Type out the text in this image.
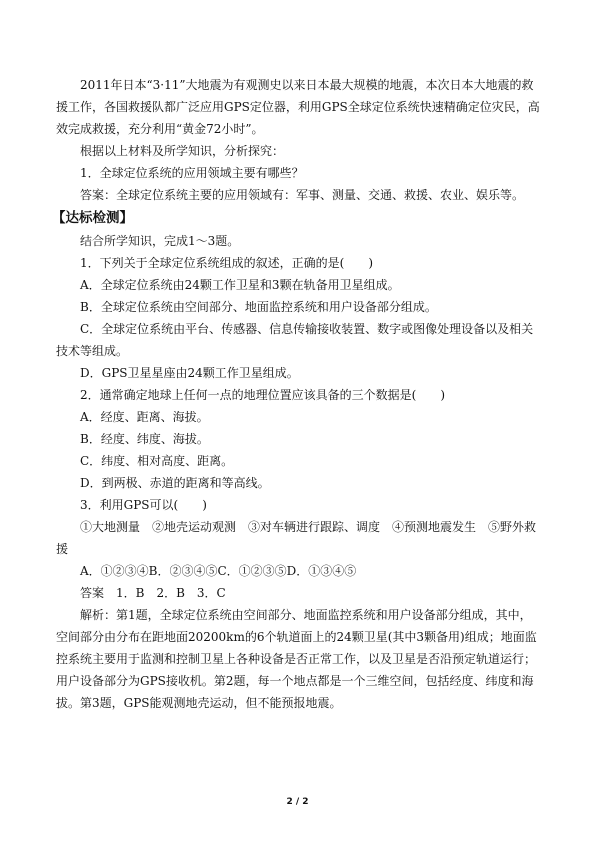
2011年日本“3·11”大地震为有观测史以来日本最大规模的地震，本次日本大地震的救援工作，各国救援队都广泛应用GPS定位器，利用GPS全球定位系统快速精确定位灾民，高效完成救援，充分利用“黄金72小时”。

根据以上材料及所学知识，分析探究：

1．全球定位系统的应用领域主要有哪些？

答案：全球定位系统主要的应用领域有：军事、测量、交通、救援、农业、娱乐等。

【达标检测】

结合所学知识，完成1～3题。

1．下列关于全球定位系统组成的叙述，正确的是(　　)

A．全球定位系统由24颗工作卫星和3颗在轨备用卫星组成。

B．全球定位系统由空间部分、地面监控系统和用户设备部分组成。

C．全球定位系统由平台、传感器、信息传输接收装置、数字或图像处理设备以及相关技术等组成。

D．GPS卫星星座由24颗工作卫星组成。

2．通常确定地球上任何一点的地理位置应该具备的三个数据是(　　)

A．经度、距离、海拔。

B．经度、纬度、海拔。

C．纬度、相对高度、距离。

D．到两极、赤道的距离和等高线。

3．利用GPS可以(　　)

①大地测量　②地壳运动观测　③对车辆进行跟踪、调度　④预测地震发生　⑤野外救援

A．①②③④B．②③④⑤C．①②③⑤D．①③④⑤

答案　1．B　2．B　3．C

解析：第1题，全球定位系统由空间部分、地面监控系统和用户设备部分组成，其中，空间部分由分布在距地面20200km的6个轨道面上的24颗卫星(其中3颗备用)组成；地面监控系统主要用于监测和控制卫星上各种设备是否正常工作，以及卫星是否沿预定轨道运行；用户设备部分为GPS接收机。第2题，每一个地点都是一个三维空间，包括经度、纬度和海拔。第3题，GPS能观测地壳运动，但不能预报地震。

2 / 2
